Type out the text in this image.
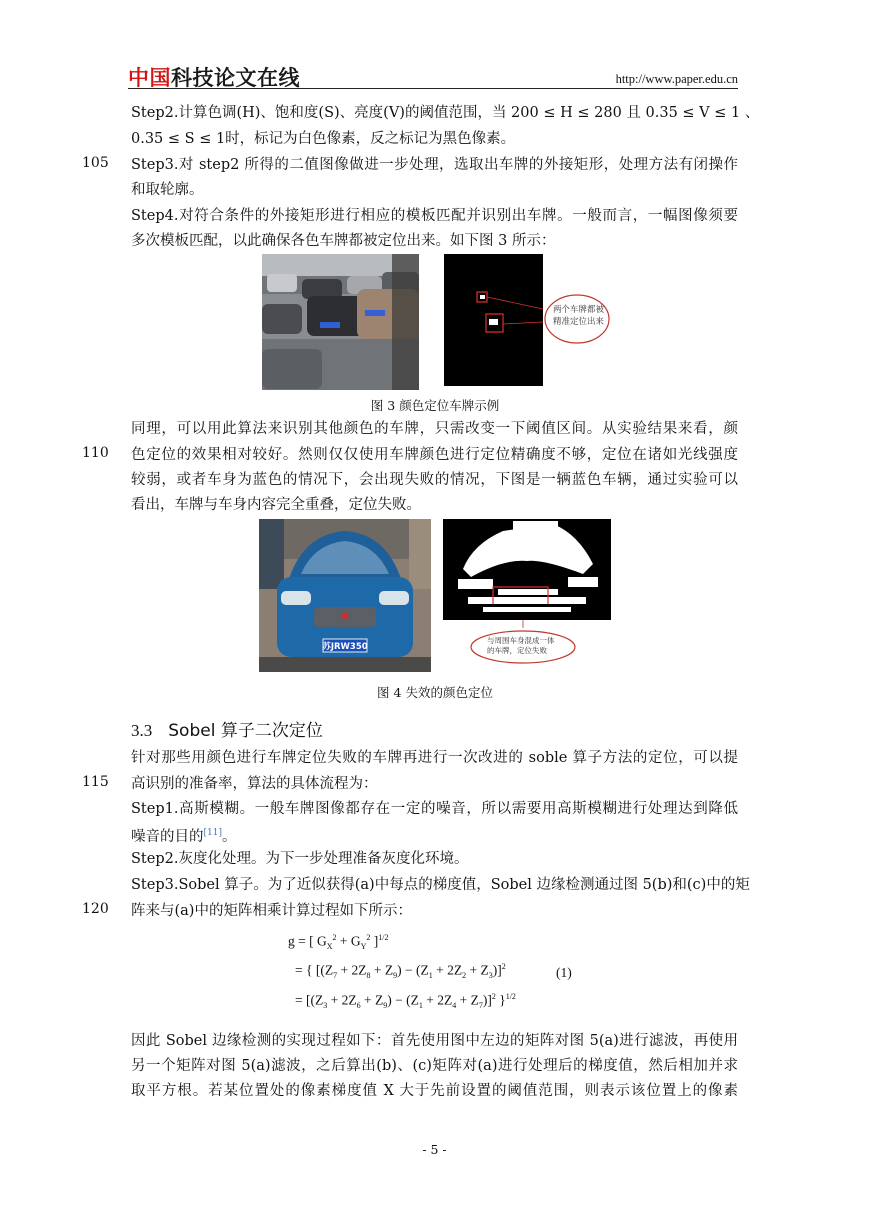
中国科技论文在线	http://www.paper.edu.cn
Step2.计算色调(H)、饱和度(S)、亮度(V)的阈值范围，当 200 ≤ H ≤ 280 且 0.35 ≤ V ≤ 1 、
0.35 ≤ S ≤ 1时，标记为白色像素，反之标记为黑色像素。
105 Step3.对 step2 所得的二值图像做进一步处理，选取出车牌的外接矩形，处理方法有闭操作
和取轮廓。
Step4.对符合条件的外接矩形进行相应的模板匹配并识别出车牌。一般而言，一幅图像须要
多次模板匹配，以此确保各色车牌都被定位出来。如下图 3 所示：
两个车牌都被
精准定位出来
图 3 颜色定位车牌示例
同理，可以用此算法来识别其他颜色的车牌，只需改变一下阈值区间。从实验结果来看，颜
110 色定位的效果相对较好。然则仅仅使用车牌颜色进行定位精确度不够，定位在诸如光线强度
较弱，或者车身为蓝色的情况下，会出现失败的情况，下图是一辆蓝色车辆，通过实验可以
看出，车牌与车身内容完全重叠，定位失败。
苏JRW350
与周围车身混成一体
的车牌，定位失败
图 4 失效的颜色定位
3.3 Sobel 算子二次定位
针对那些用颜色进行车牌定位失败的车牌再进行一次改进的 soble 算子方法的定位，可以提
115 高识别的准备率，算法的具体流程为：
Step1.高斯模糊。一般车牌图像都存在一定的噪音，所以需要用高斯模糊进行处理达到降低
噪音的目的[11]。
Step2.灰度化处理。为下一步处理准备灰度化环境。
Step3.Sobel 算子。为了近似获得(a)中每点的梯度值，Sobel 边缘检测通过图 5(b)和(c)中的矩
120 阵来与(a)中的矩阵相乘计算过程如下所示：
g = [ $G_X^2 + G_Y^2$ ]$^{1/2}$
= { $[(Z_7 + 2Z_8 + Z_9) - (Z_1 + 2Z_2 + Z_3)]^2$
= $[(Z_3 + 2Z_6 + Z_9) - (Z_1 + 2Z_4 + Z_7)]^2$ }$^{1/2}$
(1)
因此 Sobel 边缘检测的实现过程如下：首先使用图中左边的矩阵对图 5(a)进行滤波，再使用
另一个矩阵对图 5(a)滤波，之后算出(b)、(c)矩阵对(a)进行处理后的梯度值，然后相加并求
取平方根。若某位置处的像素梯度值 X 大于先前设置的阈值范围，则表示该位置上的像素
- 5 -
